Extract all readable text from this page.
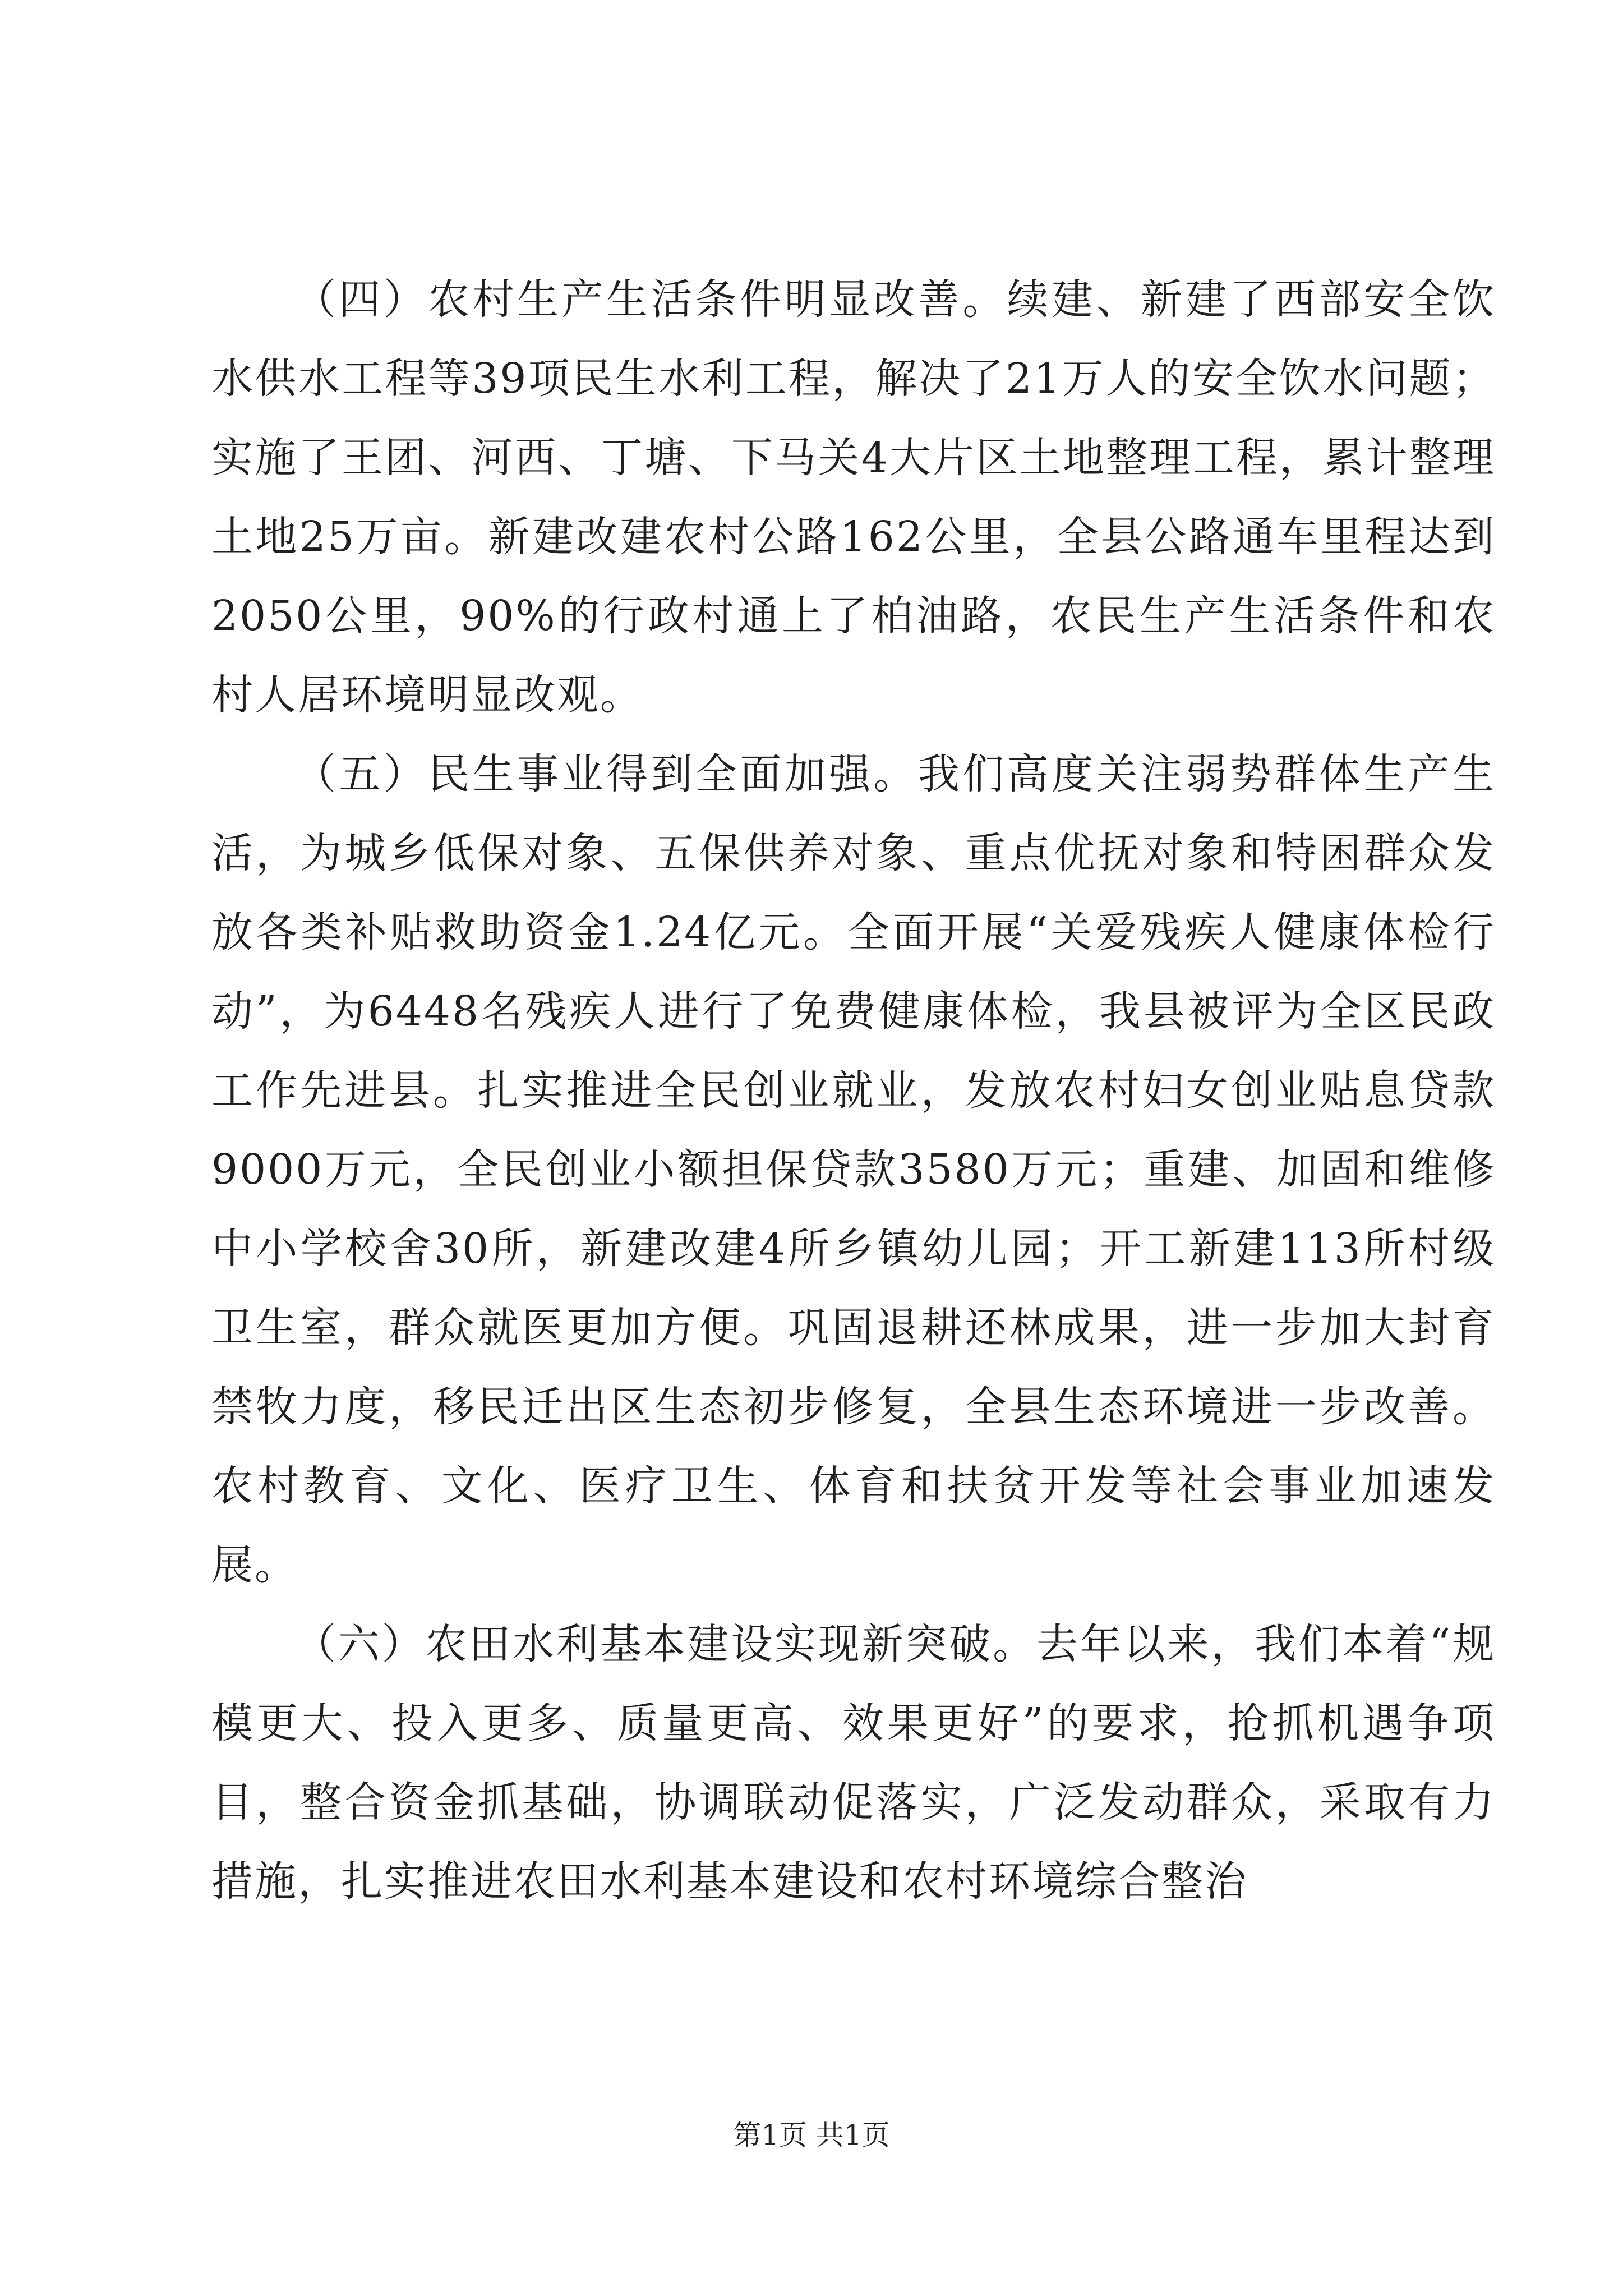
（四）农村生产生活条件明显改善。续建、新建了西部安全饮水供水工程等39项民生水利工程，解决了21万人的安全饮水问题；实施了王团、河西、丁塘、下马关4大片区土地整理工程，累计整理土地25万亩。新建改建农村公路162公里，全县公路通车里程达到2050公里，90%的行政村通上了柏油路，农民生产生活条件和农村人居环境明显改观。

（五）民生事业得到全面加强。我们高度关注弱势群体生产生活，为城乡低保对象、五保供养对象、重点优抚对象和特困群众发放各类补贴救助资金1.24亿元。全面开展“关爱残疾人健康体检行动”，为6448名残疾人进行了免费健康体检，我县被评为全区民政工作先进县。扎实推进全民创业就业，发放农村妇女创业贴息贷款9000万元，全民创业小额担保贷款3580万元；重建、加固和维修中小学校舍30所，新建改建4所乡镇幼儿园；开工新建113所村级卫生室，群众就医更加方便。巩固退耕还林成果，进一步加大封育禁牧力度，移民迁出区生态初步修复，全县生态环境进一步改善。农村教育、文化、医疗卫生、体育和扶贫开发等社会事业加速发展。

（六）农田水利基本建设实现新突破。去年以来，我们本着“规模更大、投入更多、质量更高、效果更好”的要求，抢抓机遇争项目，整合资金抓基础，协调联动促落实，广泛发动群众，采取有力措施，扎实推进农田水利基本建设和农村环境综合整治

第1页 共1页
